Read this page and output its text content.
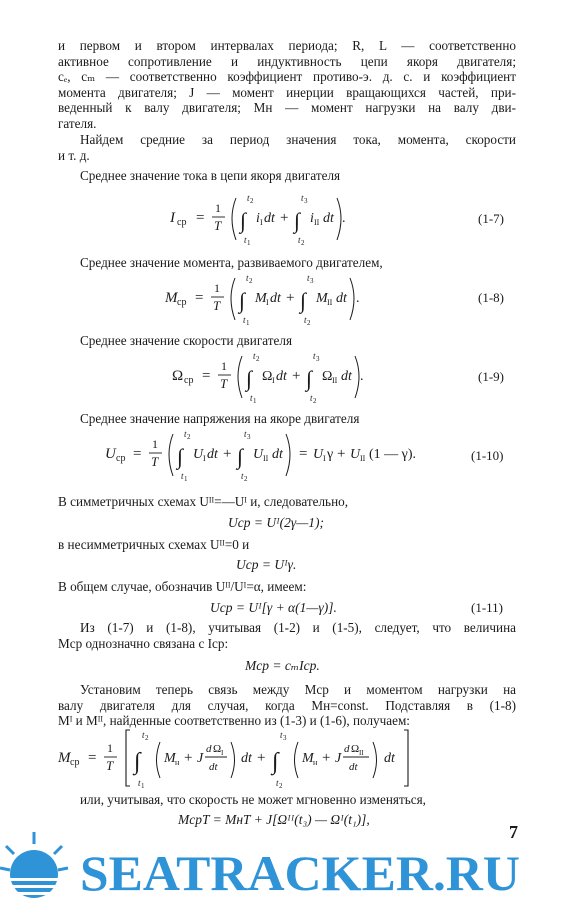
и первом и втором интервалах периода; R, L — соответственно
активное сопротивление и индуктивность цепи якоря двигателя;
cₑ, cₘ — соответственно коэффициент противо-э. д. с. и коэффициент
момента двигателя; J — момент инерции вращающихся частей, при-
веденный к валу двигателя; Mн — момент нагрузки на валу дви-
гателя.
Найдем средние за период значения тока, момента, скорости
и т. д.
Среднее значение тока в цепи якоря двигателя
I ср =
1
T ∫
t 2
t 1
i I dt + ∫
t 3
t 2
i II dt .	(1-7)
Среднее значение момента, развиваемого двигателем,
M ср =
1
T ∫
t 2
t 1
M I dt + ∫
t 3
t 2
M II dt .	(1-8)
Среднее значение скорости двигателя
Ω ср =
1
T ∫
t 2
t 1
Ω I dt + ∫
t 3
t 2
Ω II dt .	(1-9)
Среднее значение напряжения на якоре двигателя
U ср =
1
T ∫
t 2
t 1
U I dt + ∫
t 3
t 2
U II dt = U I γ + U II (1 — γ).	(1-10)
В симметричных схемах Uᴵᴵ=—Uᴵ и, следовательно,
Uср = Uᴵ(2γ—1);
в несимметричных схемах Uᴵᴵ=0 и
Uср = Uᴵγ.
В общем случае, обозначив Uᴵᴵ/Uᴵ=α, имеем:
Uср = Uᴵ[γ + α(1—γ)].	(1-11)
Из (1-7) и (1-8), учитывая (1-2) и (1-5), следует, что величина
Mср однозначно связана с Iср:
Mср = cₘIср.
Установим теперь связь между Mср и моментом нагрузки на
валу двигателя для случая, когда Mн=const. Подставляя в (1-8)
Mᴵ и Mᴵᴵ, найденные соответственно из (1-3) и (1-6), получаем:
M ср =
1
T ∫
t 2
t 1
M н + J
d Ω I
dt
dt + ∫
t 3
t 2
M н + J
d Ω II
dt
dt
или, учитывая, что скорость не может мгновенно изменяться,
MсрT = MнT + J[Ωᴵᴵ(t₃) — Ωᴵ(t₁)],
SEATRACKER.RU
7
